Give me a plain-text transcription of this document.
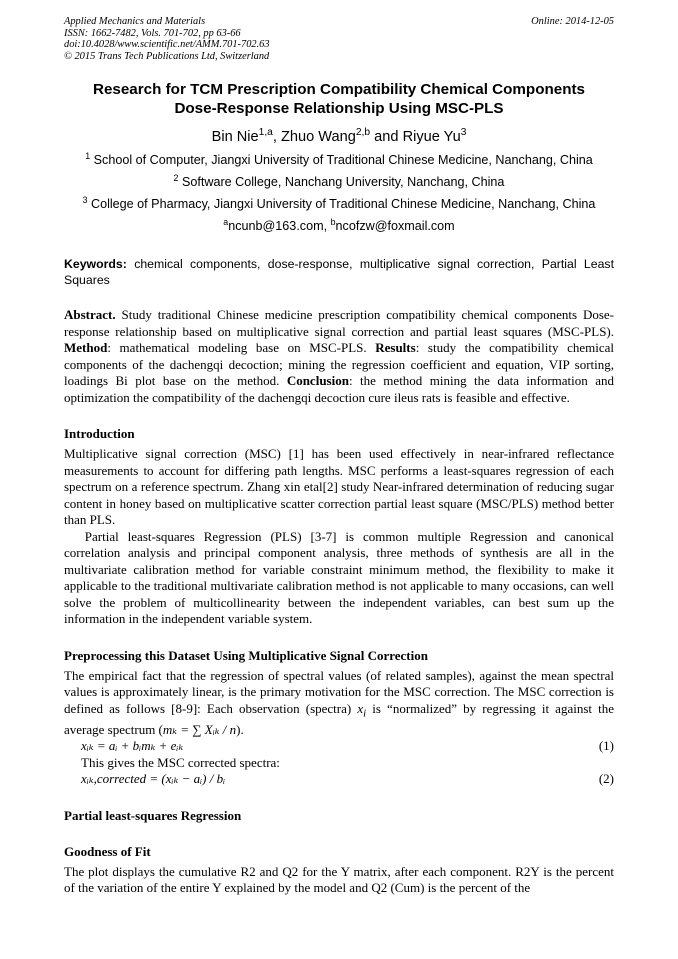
Applied Mechanics and Materials
ISSN: 1662-7482, Vols. 701-702, pp 63-66
doi:10.4028/www.scientific.net/AMM.701-702.63
© 2015 Trans Tech Publications Ltd, Switzerland
Online: 2014-12-05
Research for TCM Prescription Compatibility Chemical Components
Dose-Response Relationship Using MSC-PLS
Bin Nie$^{1,a}$, Zhuo Wang$^{2,b}$ and Riyue Yu$^3$
$^1$ School of Computer, Jiangxi University of Traditional Chinese Medicine, Nanchang, China
$^2$ Software College, Nanchang University, Nanchang, China
$^3$ College of Pharmacy, Jiangxi University of Traditional Chinese Medicine, Nanchang, China
$^a$ncunb@163.com, $^b$ncofzw@foxmail.com
Keywords: chemical components, dose-response, multiplicative signal correction, Partial Least Squares

Abstract. Study traditional Chinese medicine prescription compatibility chemical components Dose-response relationship based on multiplicative signal correction and partial least squares (MSC-PLS). Method: mathematical modeling base on MSC-PLS. Results: study the compatibility chemical components of the dachengqi decoction; mining the regression coefficient and equation, VIP sorting, loadings Bi plot base on the method. Conclusion: the method mining the data information and optimization the compatibility of the dachengqi decoction cure ileus rats is feasible and effective.

Introduction

Multiplicative signal correction (MSC) [1] has been used effectively in near-infrared reflectance measurements to account for differing path lengths. MSC performs a least-squares regression of each spectrum on a reference spectrum. Zhang xin etal[2] study Near-infrared determination of reducing sugar content in honey based on multiplicative scatter correction partial least square (MSC/PLS) method better than PLS.

Partial least-squares Regression (PLS) [3-7] is common multiple Regression and canonical correlation analysis and principal component analysis, three methods of synthesis are all in the multivariate calibration method for variable constraint minimum method, the flexibility to make it applicable to the traditional multivariate calibration method is not applicable to many occasions, can well solve the problem of multicollinearity between the independent variables, can best sum up the information in the independent variable system.

Preprocessing this Dataset Using Multiplicative Signal Correction

The empirical fact that the regression of spectral values (of related samples), against the mean spectral values is approximately linear, is the primary motivation for the MSC correction. The MSC correction is defined as follows [8-9]: Each observation (spectra) $x_i$ is “normalized” by regressing it against the average spectrum (mₖ = ∑ Xᵢₖ / n).

xᵢₖ = aᵢ + bᵢmₖ + eᵢₖ	(1)
This gives the MSC corrected spectra:
xᵢₖ,corrected = (xᵢₖ − aᵢ) / bᵢ	(2)
Partial least-squares Regression
Goodness of Fit

The plot displays the cumulative R2 and Q2 for the Y matrix, after each component. R2Y is the percent of the variation of the entire Y explained by the model and Q2 (Cum) is the percent of the
